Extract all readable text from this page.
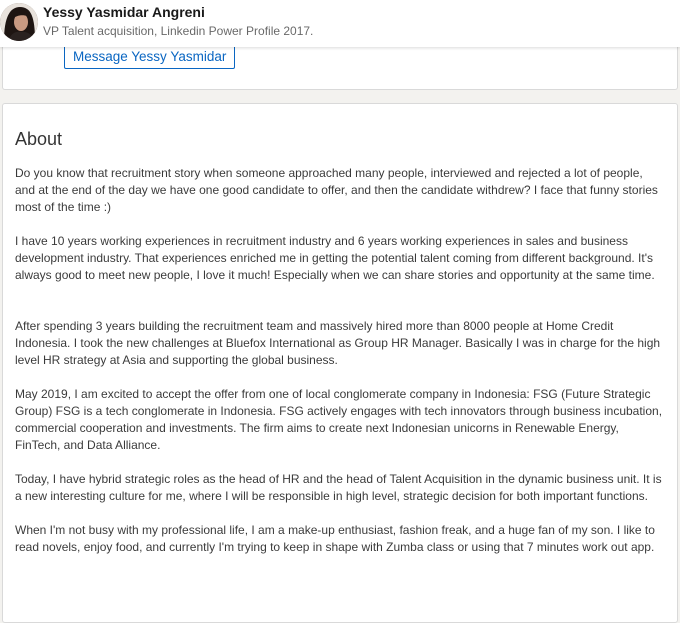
Message Yessy Yasmidar
Yessy Yasmidar Angreni
VP Talent acquisition, Linkedin Power Profile 2017.
About

Do you know that recruitment story when someone approached many people, interviewed and rejected a lot of people, and at the end of the day we have one good candidate to offer, and then the candidate withdrew? I face that funny stories most of the time :)

I have 10 years working experiences in recruitment industry and 6 years working experiences in sales and business development industry. That experiences enriched me in getting the potential talent coming from different background. It's always good to meet new people, I love it much! Especially when we can share stories and opportunity at the same time.

After spending 3 years building the recruitment team and massively hired more than 8000 people at Home Credit Indonesia. I took the new challenges at Bluefox International as Group HR Manager. Basically I was in charge for the high level HR strategy at Asia and supporting the global business.

May 2019, I am excited to accept the offer from one of local conglomerate company in Indonesia: FSG (Future Strategic Group) FSG is a tech conglomerate in Indonesia. FSG actively engages with tech innovators through business incubation, commercial cooperation and investments. The firm aims to create next Indonesian unicorns in Renewable Energy, FinTech, and Data Alliance.

Today, I have hybrid strategic roles as the head of HR and the head of Talent Acquisition in the dynamic business unit. It is a new interesting culture for me, where I will be responsible in high level, strategic decision for both important functions.

When I'm not busy with my professional life, I am a make-up enthusiast, fashion freak, and a huge fan of my son. I like to read novels, enjoy food, and currently I'm trying to keep in shape with Zumba class or using that 7 minutes work out app.
